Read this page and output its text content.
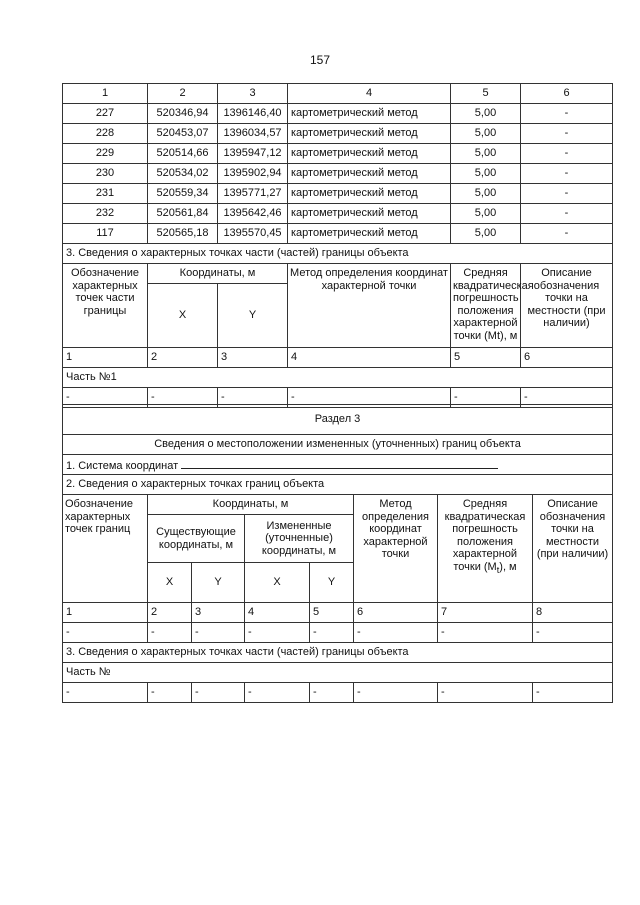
157
1	2	3	4	5	6
227	520346,94	1396146,40	картометрический метод	5,00	-
228	520453,07	1396034,57	картометрический метод	5,00	-
229	520514,66	1395947,12	картометрический метод	5,00	-
230	520534,02	1395902,94	картометрический метод	5,00	-
231	520559,34	1395771,27	картометрический метод	5,00	-
232	520561,84	1395642,46	картометрический метод	5,00	-
117	520565,18	1395570,45	картометрический метод	5,00	-
3. Сведения о характерных точках части (частей) границы объекта					
Обозначение характерных точек части границы	Координаты, м		Метод определения координат характерной точки	Средняя квадратическая погрешность положения характерной точки (Mt), м	Описание обозначения точки на местности (при наличии)
	X	Y			
1	2	3	4	5	6
Часть №1					
-	-	-	-	-	-
Раздел 3							
Сведения о местоположении измененных (уточненных) границ объекта							
1. Система координат							
2. Сведения о характерных точках границ объекта							
Обозначение характерных точек границ	Координаты, м				Метод определения координат характерной точки	Средняя квадратическая погрешность положения характерной точки $(M_t)$, м	Описание обозначения точки на местности (при наличии)
	Существующие координаты, м		Измененные (уточненные) координаты, м				
	X	Y	X	Y			
1	2	3	4	5	6	7	8
-	-	-	-	-	-	-	-
3. Сведения о характерных точках части (частей) границы объекта							
Часть №							
-	-	-	-	-	-	-	-
